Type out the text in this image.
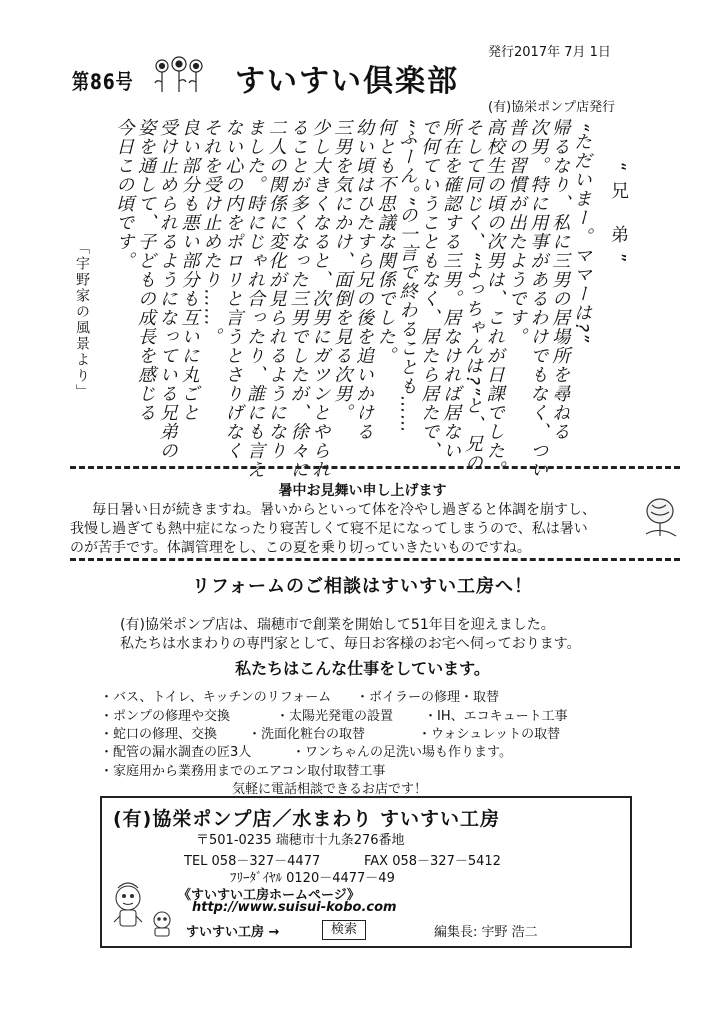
第86号	すいすい倶楽部
発行2017年 7月 1日
(有)協栄ポンプ店発行
“兄 弟”
“ただいまー。ママーは?”
帰るなり、私に三男の居場所を尋ねる
次男。特に用事があるわけでもなく、つい
普の習慣が出たようです。
高校生の頃の次男は、これが日課でした。
そして同じく、“よっちゃんは?”と、兄の
所在を確認する三男。居なければ居ない
で何ていうこともなく、居たら居たで、
“ふーん。”の一言で終わることも……
何とも不思議な関係でした。
幼い頃はひたすら兄の後を追いかける
三男を気にかけ、面倒を見る次男。
少し大きくなると、次男にガツンとやられ
ることが多くなった三男でしたが、徐々に
二人の関係に変化が見られるようになり
ました。時にじゃれ合ったり、誰にも言え
ない心の内をポロリと言うとさりげなく
それを受け止めたり……。
良い部分も悪い部分も互いに丸ごと
受け止められるようになっている兄弟の
姿を通して、子どもの成長を感じる
今日この頃です。
「宇野家の風景より」
暑中お見舞い申し上げます
毎日暑い日が続きますね。暑いからといって体を冷やし過ぎると体調を崩すし、
我慢し過ぎても熱中症になったり寝苦しくて寝不足になってしまうので、私は暑い
のが苦手です。体調管理をし、この夏を乗り切っていきたいものですね。
リフォームのご相談はすいすい工房へ！
(有)協栄ポンプ店は、瑞穂市で創業を開始して51年目を迎えました。
私たちは水まわりの専門家として、毎日お客様のお宅へ伺っております。
私たちはこんな仕事をしています。
・バス、トイレ、キッチンのリフォーム
・ポンプの修理や交換
・蛇口の修理、交換
・配管の漏水調査の匠3人
・ボイラーの修理・取替
・太陽光発電の設置
・洗面化粧台の取替
・ワンちゃんの足洗い場も作ります。
・IH、エコキュート工事
・ウォシュレットの取替
・家庭用から業務用までのエアコン取付取替工事
気軽に電話相談できるお店です！
(有)協栄ポンプ店／水まわり すいすい工房
〒501-0235 瑞穂市十九条276番地
TEL 058－327－4477	FAX 058－327－5412
ﾌﾘｰﾀﾞｲﾔﾙ 0120－4477－49
《すいすい工房ホームページ》
http://www.suisui-kobo.com
すいすい工房 →	検索	編集長: 宇野 浩二
